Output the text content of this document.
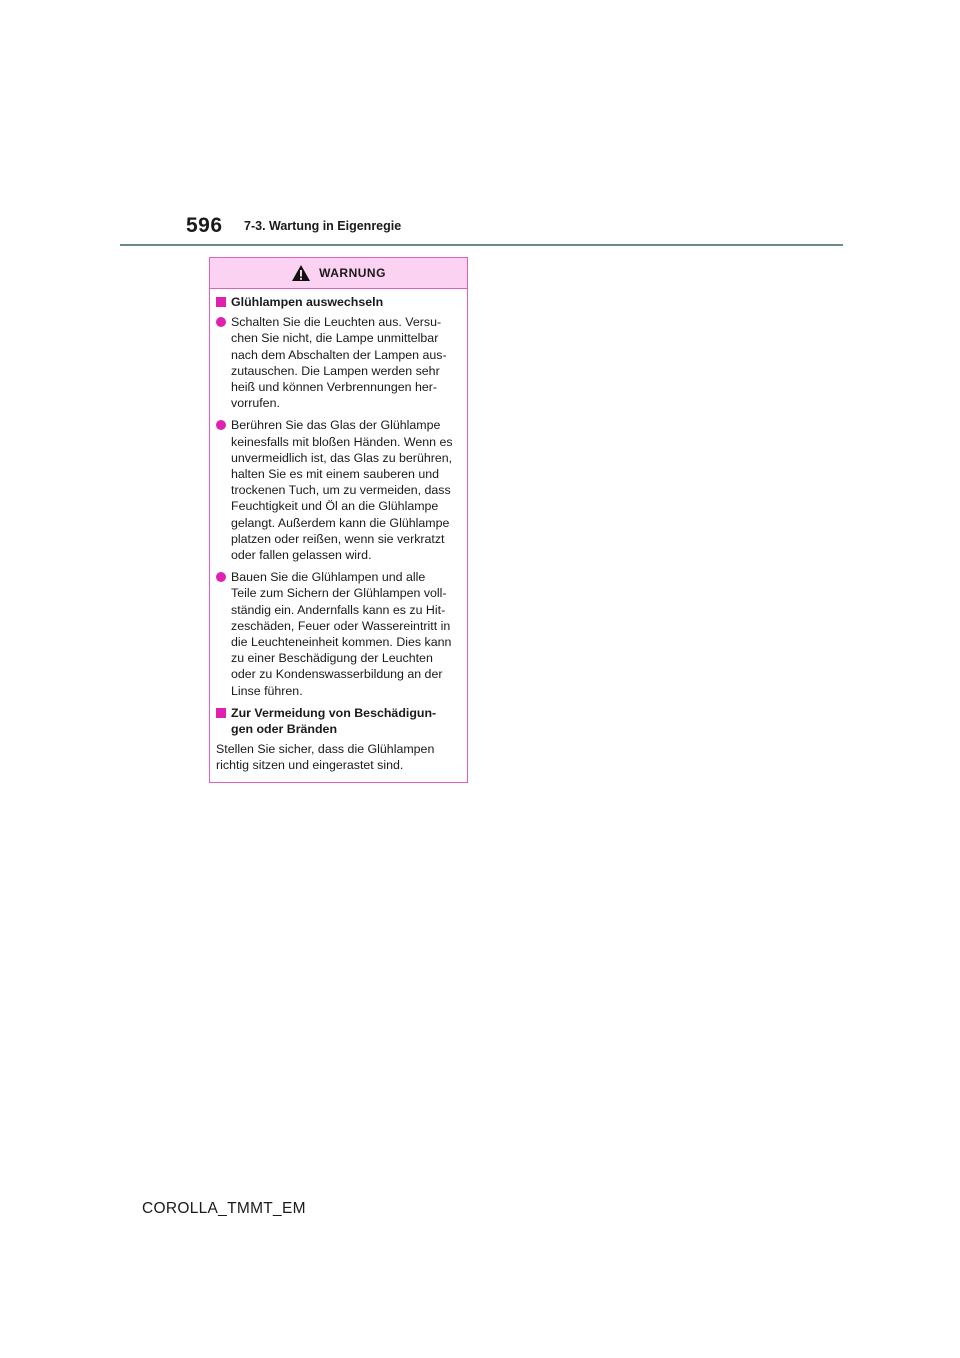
596 7-3. Wartung in Eigenregie
WARNUNG
Glühlampen auswechseln
Schalten Sie die Leuchten aus. Versu-
chen Sie nicht, die Lampe unmittelbar
nach dem Abschalten der Lampen aus-
zutauschen. Die Lampen werden sehr
heiß und können Verbrennungen her-
vorrufen.
Berühren Sie das Glas der Glühlampe
keinesfalls mit bloßen Händen. Wenn es
unvermeidlich ist, das Glas zu berühren,
halten Sie es mit einem sauberen und
trockenen Tuch, um zu vermeiden, dass
Feuchtigkeit und Öl an die Glühlampe
gelangt. Außerdem kann die Glühlampe
platzen oder reißen, wenn sie verkratzt
oder fallen gelassen wird.
Bauen Sie die Glühlampen und alle
Teile zum Sichern der Glühlampen voll-
ständig ein. Andernfalls kann es zu Hit-
zeschäden, Feuer oder Wassereintritt in
die Leuchteneinheit kommen. Dies kann
zu einer Beschädigung der Leuchten
oder zu Kondenswasserbildung an der
Linse führen.
Zur Vermeidung von Beschädigun-
gen oder Bränden

Stellen Sie sicher, dass die Glühlampen
richtig sitzen und eingerastet sind.

COROLLA_TMMT_EM
